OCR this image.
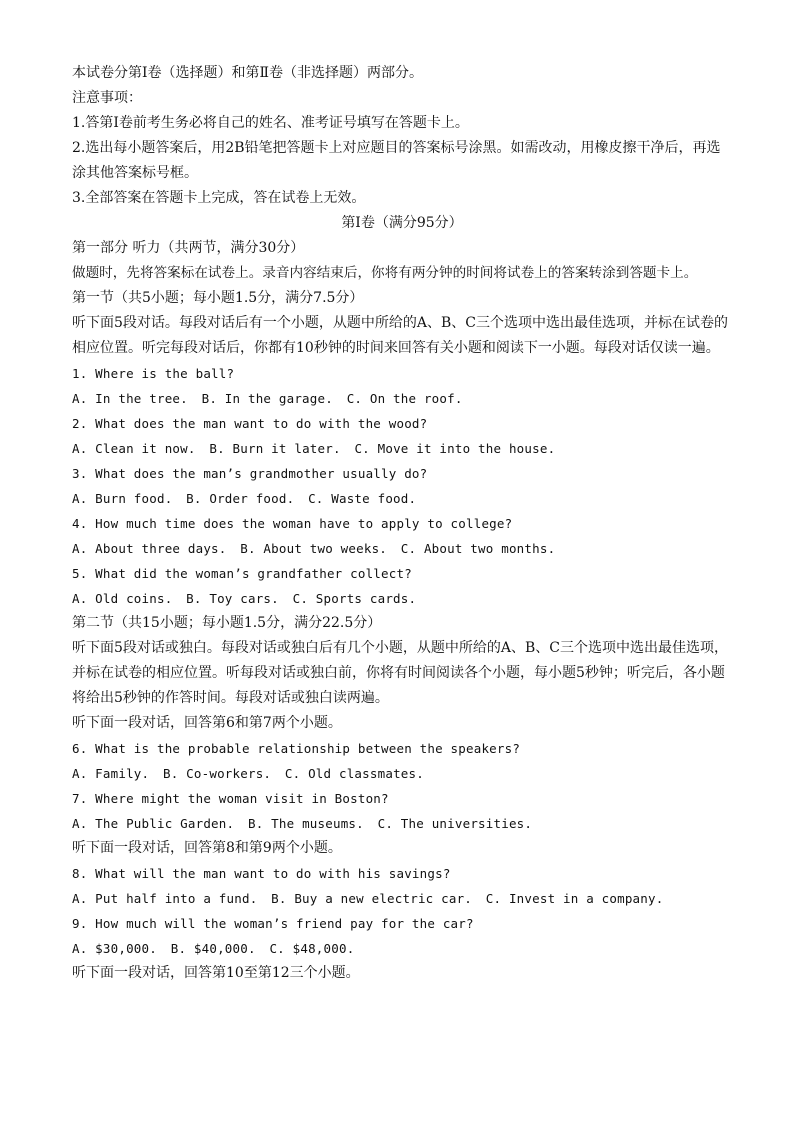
本试卷分第Ⅰ卷（选择题）和第Ⅱ卷（非选择题）两部分。
注意事项：
1.答第Ⅰ卷前考生务必将自己的姓名、准考证号填写在答题卡上。
2.选出每小题答案后，用2B铅笔把答题卡上对应题目的答案标号涂黑。如需改动，用橡皮擦干净后，再选涂其他答案标号框。
3.全部答案在答题卡上完成，答在试卷上无效。
第Ⅰ卷（满分95分）
第一部分 听力（共两节，满分30分）
做题时，先将答案标在试卷上。录音内容结束后，你将有两分钟的时间将试卷上的答案转涂到答题卡上。
第一节（共5小题；每小题1.5分，满分7.5分）
听下面5段对话。每段对话后有一个小题，从题中所给的A、B、C三个选项中选出最佳选项，并标在试卷的相应位置。听完每段对话后，你都有10秒钟的时间来回答有关小题和阅读下一小题。每段对话仅读一遍。
1. Where is the ball?
A. In the tree. B. In the garage. C. On the roof.
2. What does the man want to do with the wood?
A. Clean it now. B. Burn it later. C. Move it into the house.
3. What does the man’s grandmother usually do?
A. Burn food. B. Order food. C. Waste food.
4. How much time does the woman have to apply to college?
A. About three days. B. About two weeks. C. About two months.
5. What did the woman’s grandfather collect?
A. Old coins. B. Toy cars. C. Sports cards.
第二节（共15小题；每小题1.5分，满分22.5分）
听下面5段对话或独白。每段对话或独白后有几个小题，从题中所给的A、B、C三个选项中选出最佳选项，并标在试卷的相应位置。听每段对话或独白前，你将有时间阅读各个小题，每小题5秒钟；听完后，各小题将给出5秒钟的作答时间。每段对话或独白读两遍。
听下面一段对话，回答第6和第7两个小题。
6. What is the probable relationship between the speakers?
A. Family. B. Co-workers. C. Old classmates.
7. Where might the woman visit in Boston?
A. The Public Garden. B. The museums. C. The universities.
听下面一段对话，回答第8和第9两个小题。
8. What will the man want to do with his savings?
A. Put half into a fund. B. Buy a new electric car. C. Invest in a company.
9. How much will the woman’s friend pay for the car?
A. $30,000. B. $40,000. C. $48,000.
听下面一段对话，回答第10至第12三个小题。
